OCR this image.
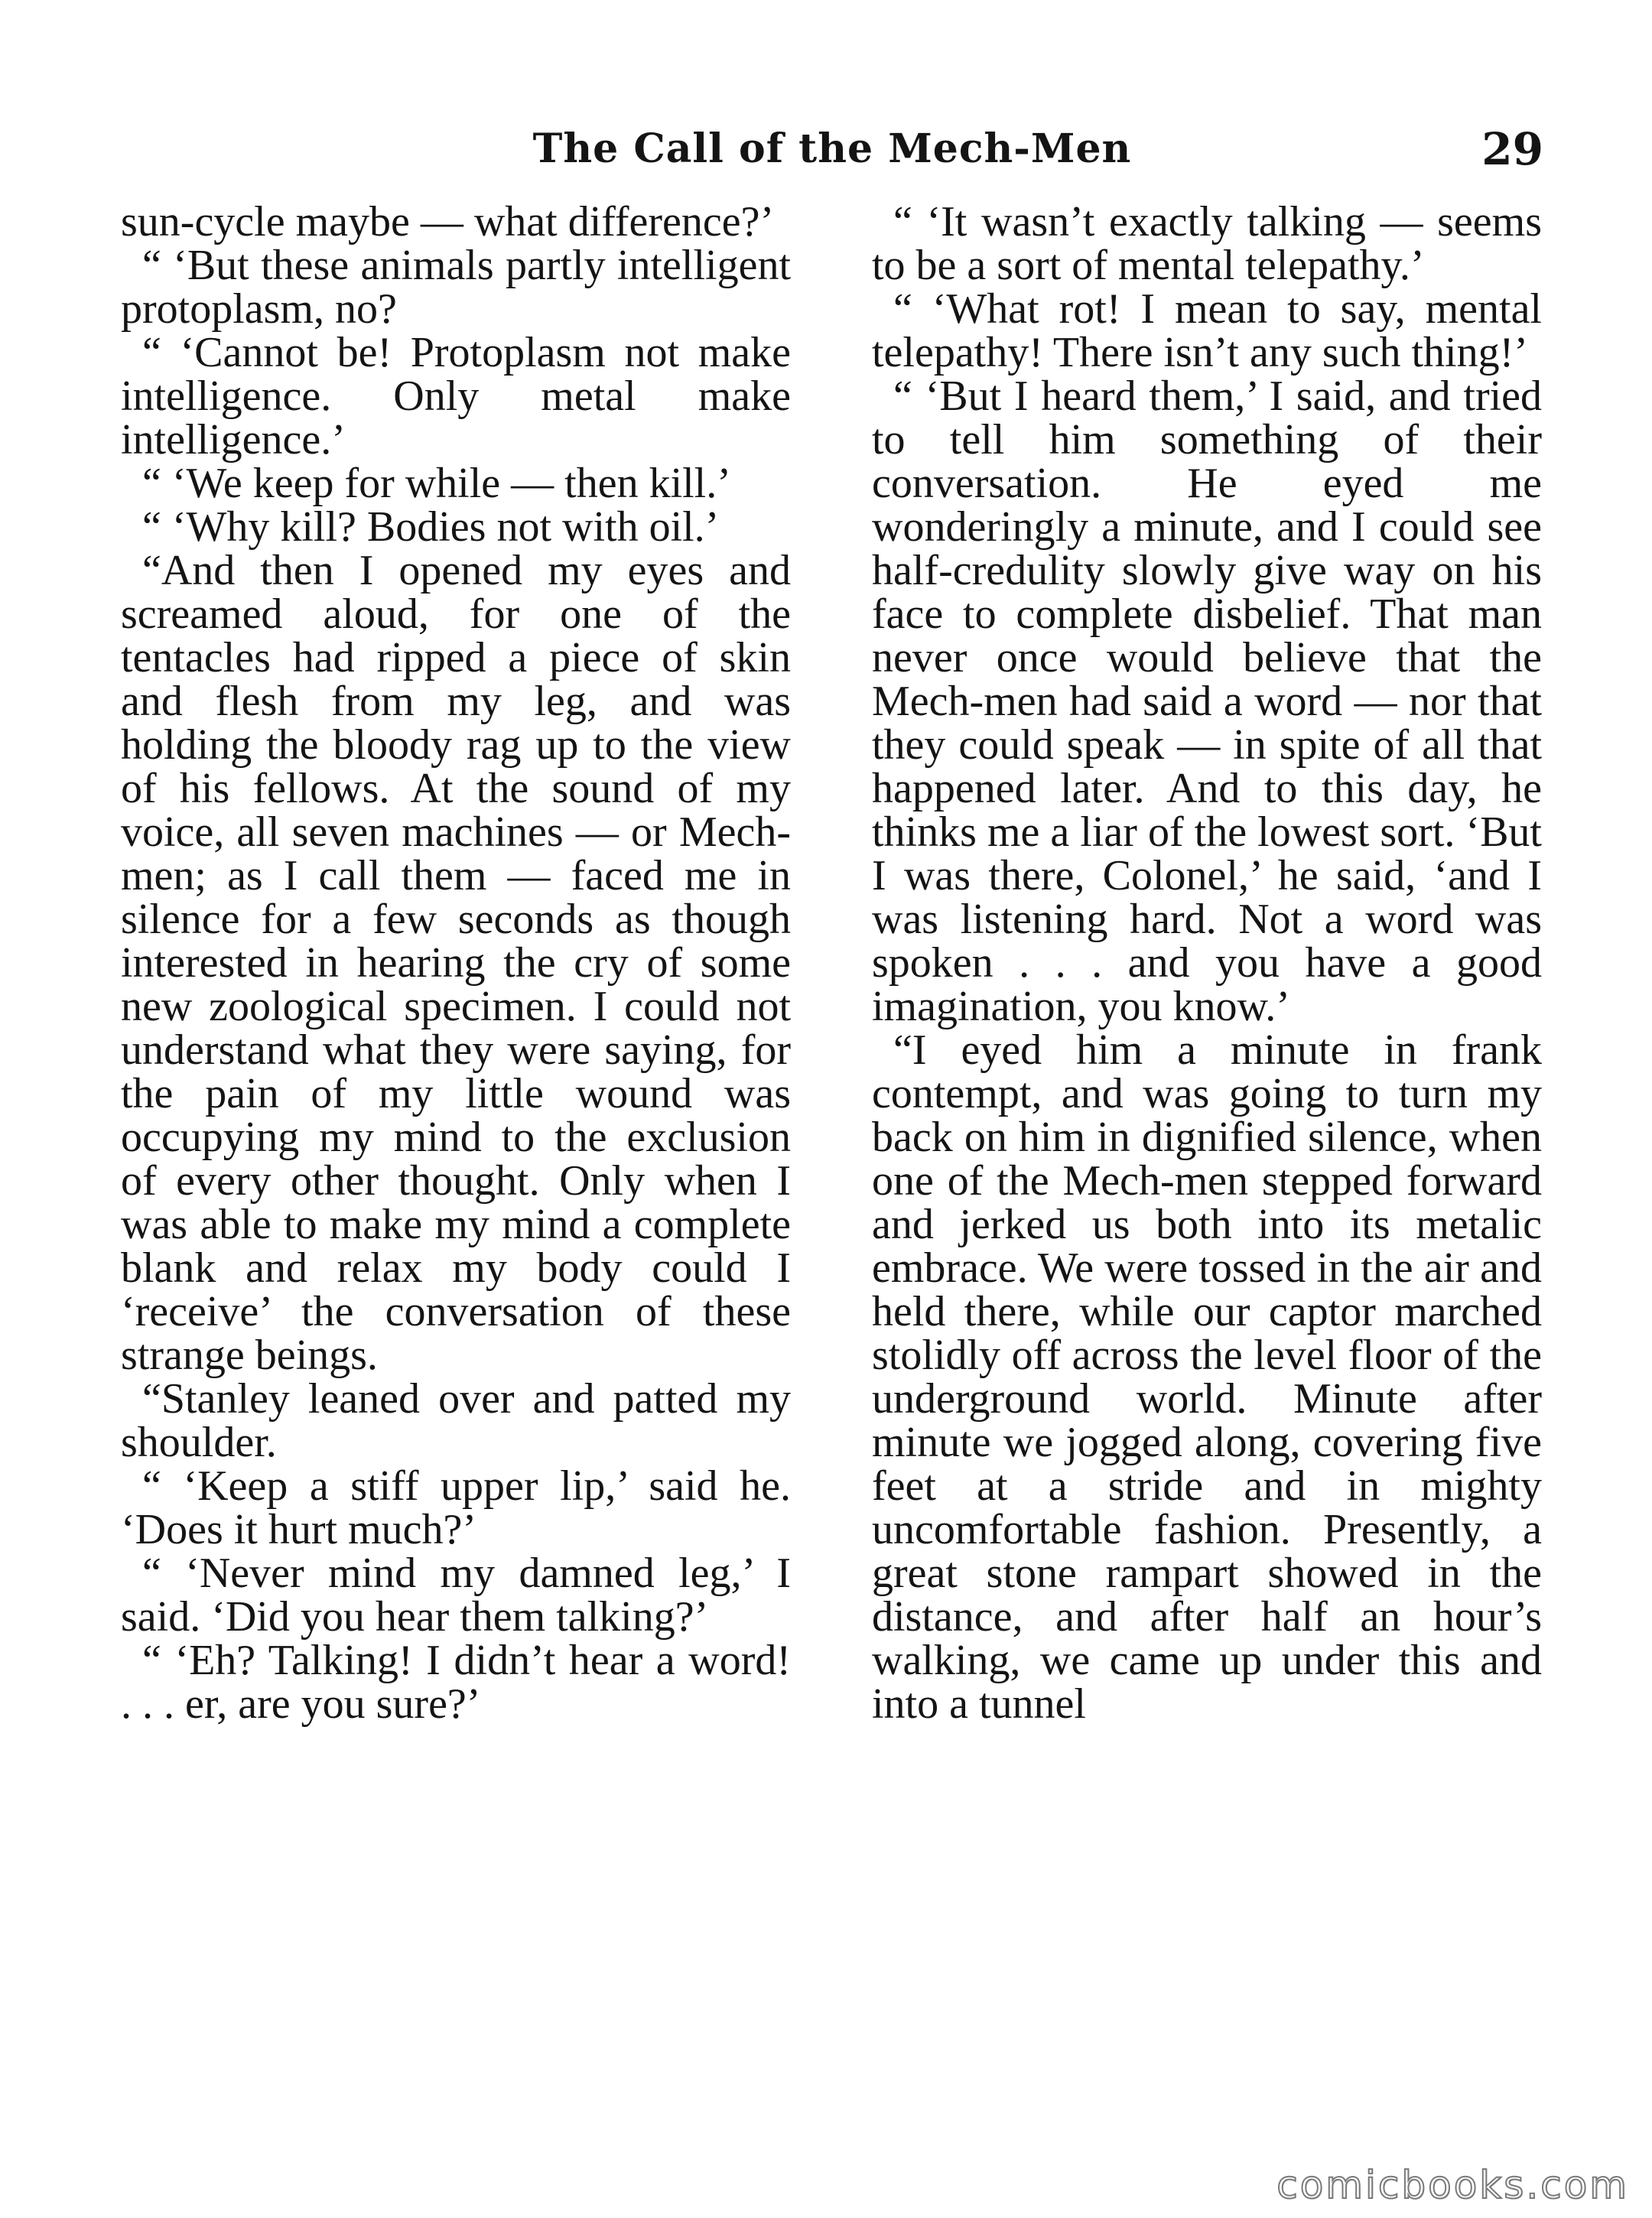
The Call of the Mech-Men	29

sun-cycle maybe — what difference?’

“ ‘But these animals partly intelligent protoplasm, no?

“ ‘Cannot be! Protoplasm not make intelligence. Only metal make intelligence.’

“ ‘We keep for while — then kill.’

“ ‘Why kill? Bodies not with oil.’

“And then I opened my eyes and screamed aloud, for one of the tentacles had ripped a piece of skin and flesh from my leg, and was holding the bloody rag up to the view of his fellows. At the sound of my voice, all seven machines — or Mech-men; as I call them — faced me in silence for a few seconds as though interested in hearing the cry of some new zoological specimen. I could not understand what they were saying, for the pain of my little wound was occupying my mind to the exclusion of every other thought. Only when I was able to make my mind a complete blank and relax my body could I ‘receive’ the conversation of these strange beings.

“Stanley leaned over and patted my shoulder.

“ ‘Keep a stiff upper lip,’ said he. ‘Does it hurt much?’

“ ‘Never mind my damned leg,’ I said. ‘Did you hear them talking?’

“ ‘Eh? Talking! I didn’t hear a word! . . . er, are you sure?’

“ ‘It wasn’t exactly talking — seems to be a sort of mental telepathy.’

“ ‘What rot! I mean to say, mental telepathy! There isn’t any such thing!’

“ ‘But I heard them,’ I said, and tried to tell him something of their conversation. He eyed me wonderingly a minute, and I could see half-credulity slowly give way on his face to complete disbelief. That man never once would believe that the Mech-men had said a word — nor that they could speak — in spite of all that happened later. And to this day, he thinks me a liar of the lowest sort. ‘But I was there, Colonel,’ he said, ‘and I was listening hard. Not a word was spoken . . . and you have a good imagination, you know.’

“I eyed him a minute in frank contempt, and was going to turn my back on him in dignified silence, when one of the Mech-men stepped forward and jerked us both into its metalic embrace. We were tossed in the air and held there, while our captor marched stolidly off across the level floor of the underground world. Minute after minute we jogged along, covering five feet at a stride and in mighty uncomfortable fashion. Presently, a great stone rampart showed in the distance, and after half an hour’s walking, we came up under this and into a tunnel

comicbooks.com
